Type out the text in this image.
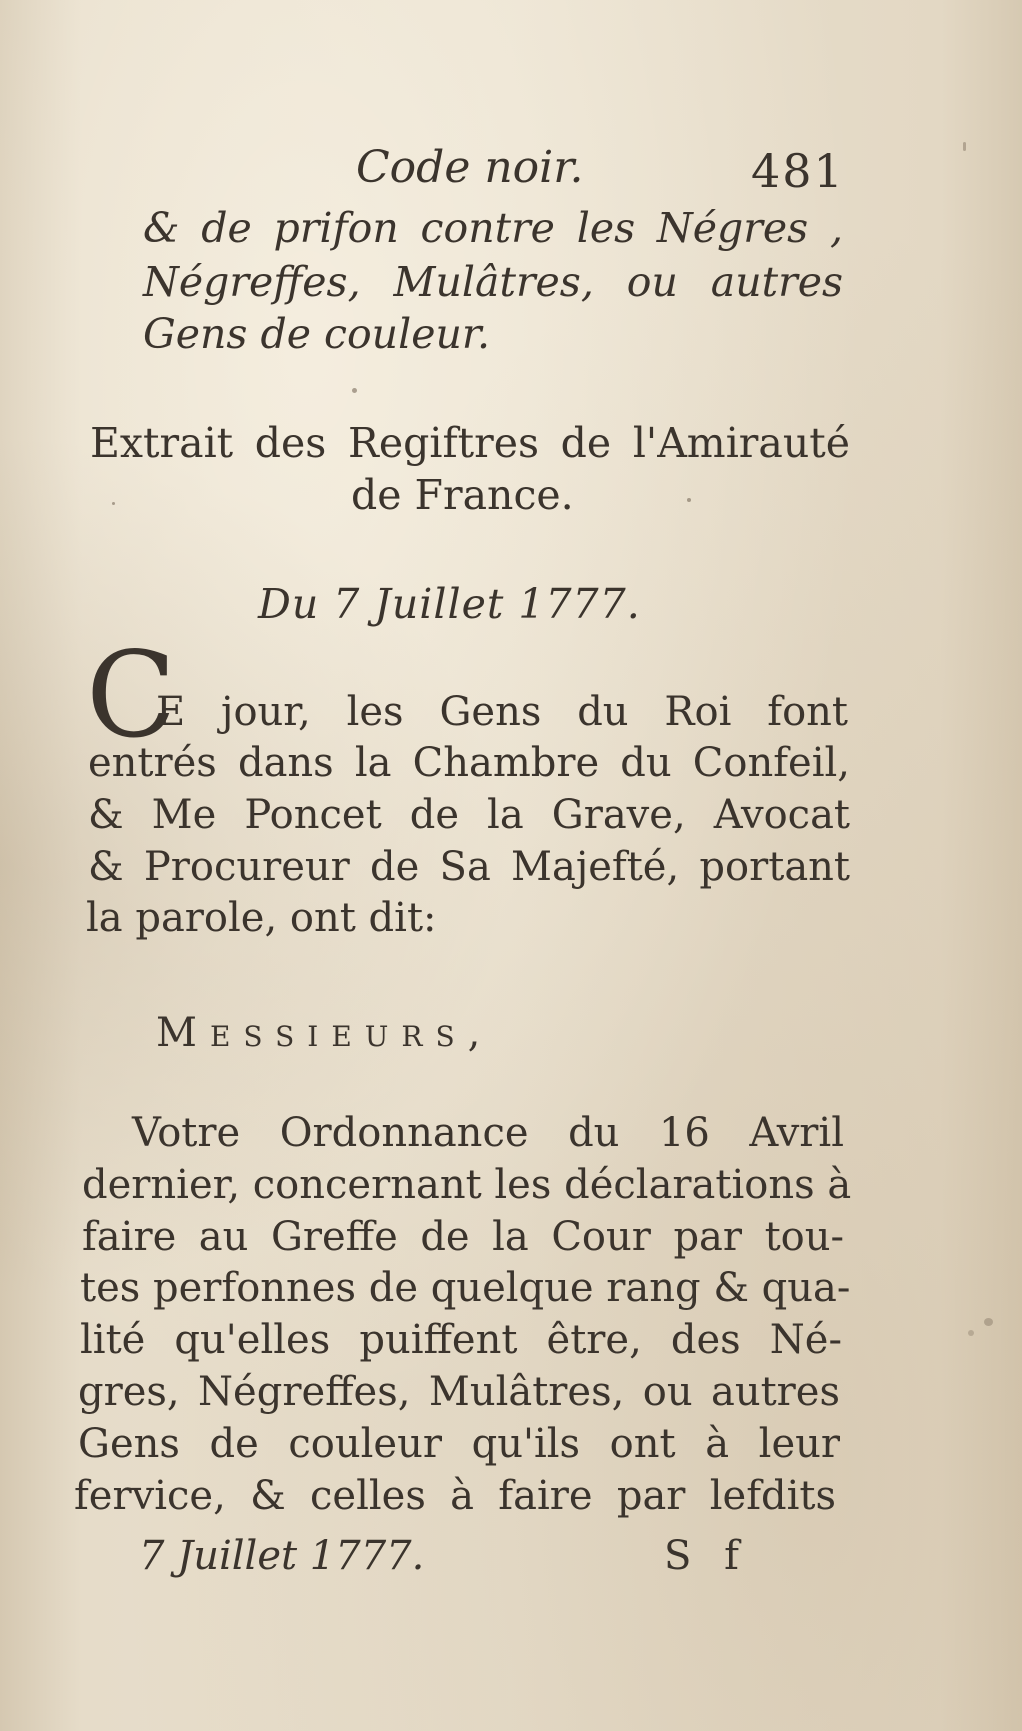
Code noir.	481
& de prifon contre les Négres ,
Négreffes, Mulâtres, ou autres
Gens de couleur.
Extrait des Regiftres de l'Amirauté
de France.
Du 7 Juillet 1777.
C
E jour, les Gens du Roi font
entrés dans la Chambre du Confeil,
& Me Poncet de la Grave, Avocat
& Procureur de Sa Majefté, portant
la parole, ont dit:
Messieurs,
Votre Ordonnance du 16 Avril
dernier, concernant les déclarations à
faire au Greffe de la Cour par tou-
tes perfonnes de quelque rang & qua-
lité qu'elles puiffent être, des Né-
gres, Négreffes, Mulâtres, ou autres
Gens de couleur qu'ils ont à leur
fervice, & celles à faire par lefdits
7 Juillet 1777.	S f
